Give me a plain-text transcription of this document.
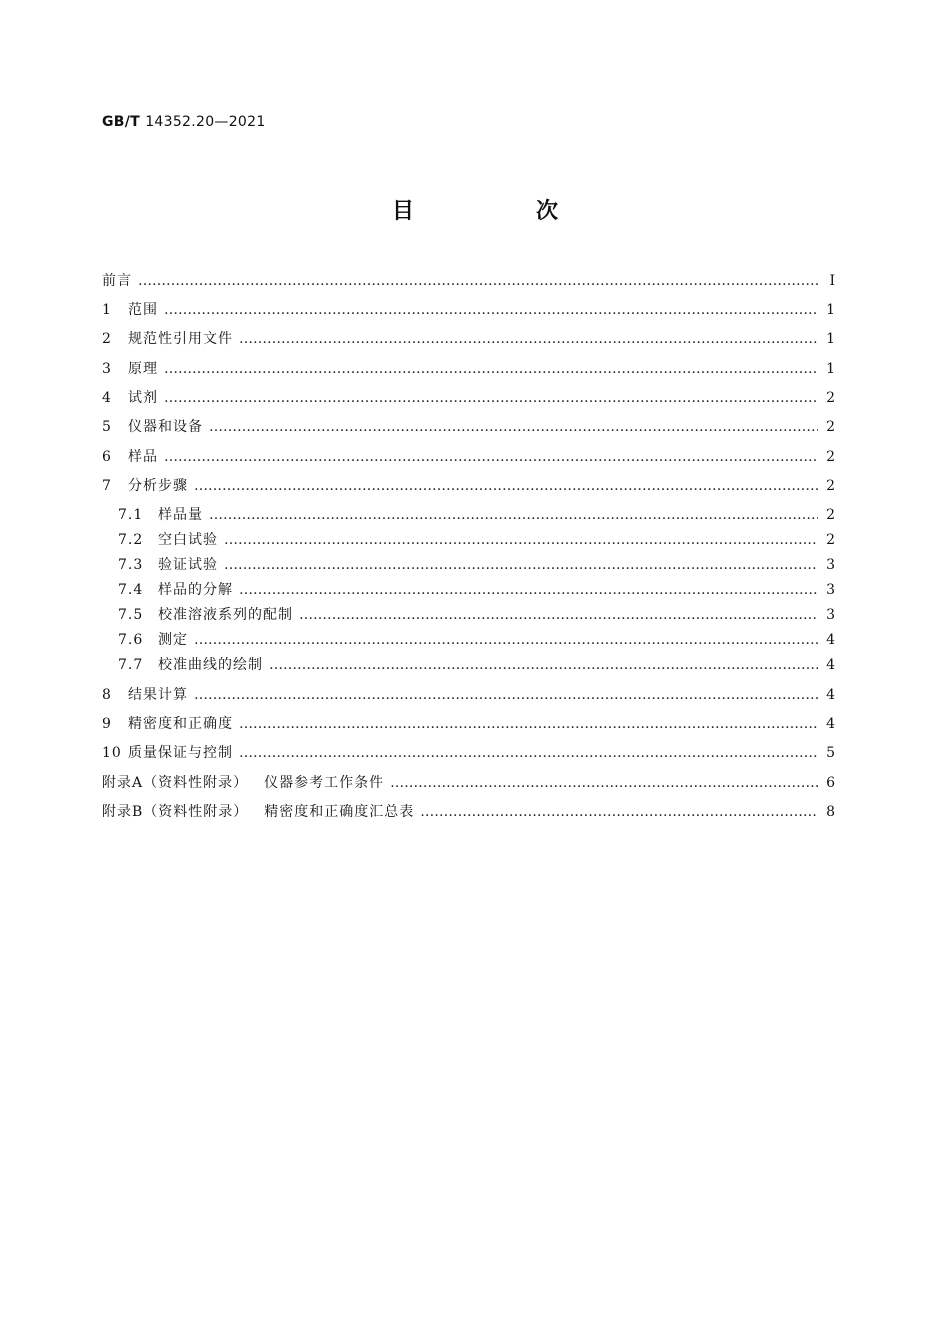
GB/T 14352.20—2021
目　次
前言 …………………………………………………………………………………………………………………………………………………………………………………………………………………	Ⅰ
1	范围 …………………………………………………………………………………………………………………………………………………………………………………………………………………	1
2	规范性引用文件 …………………………………………………………………………………………………………………………………………………………………………………………………………………	1
3	原理 …………………………………………………………………………………………………………………………………………………………………………………………………………………	1
4	试剂 …………………………………………………………………………………………………………………………………………………………………………………………………………………	2
5	仪器和设备 …………………………………………………………………………………………………………………………………………………………………………………………………………………	2
6	样品 …………………………………………………………………………………………………………………………………………………………………………………………………………………	2
7	分析步骤 …………………………………………………………………………………………………………………………………………………………………………………………………………………	2
7.1	样品量 …………………………………………………………………………………………………………………………………………………………………………………………………………………	2
7.2	空白试验 …………………………………………………………………………………………………………………………………………………………………………………………………………………	2
7.3	验证试验 …………………………………………………………………………………………………………………………………………………………………………………………………………………	3
7.4	样品的分解 …………………………………………………………………………………………………………………………………………………………………………………………………………………	3
7.5	校准溶液系列的配制 …………………………………………………………………………………………………………………………………………………………………………………………………………………	3
7.6	测定 …………………………………………………………………………………………………………………………………………………………………………………………………………………	4
7.7	校准曲线的绘制 …………………………………………………………………………………………………………………………………………………………………………………………………………………	4
8	结果计算 …………………………………………………………………………………………………………………………………………………………………………………………………………………	4
9	精密度和正确度 …………………………………………………………………………………………………………………………………………………………………………………………………………………	4
10 质量保证与控制 …………………………………………………………………………………………………………………………………………………………………………………………………………………	5
附录A（资料性附录）	仪器参考工作条件 …………………………………………………………………………………………………………………………………………………………………………………………………………………	6
附录B（资料性附录）	精密度和正确度汇总表 …………………………………………………………………………………………………………………………………………………………………………………………………………………	8
